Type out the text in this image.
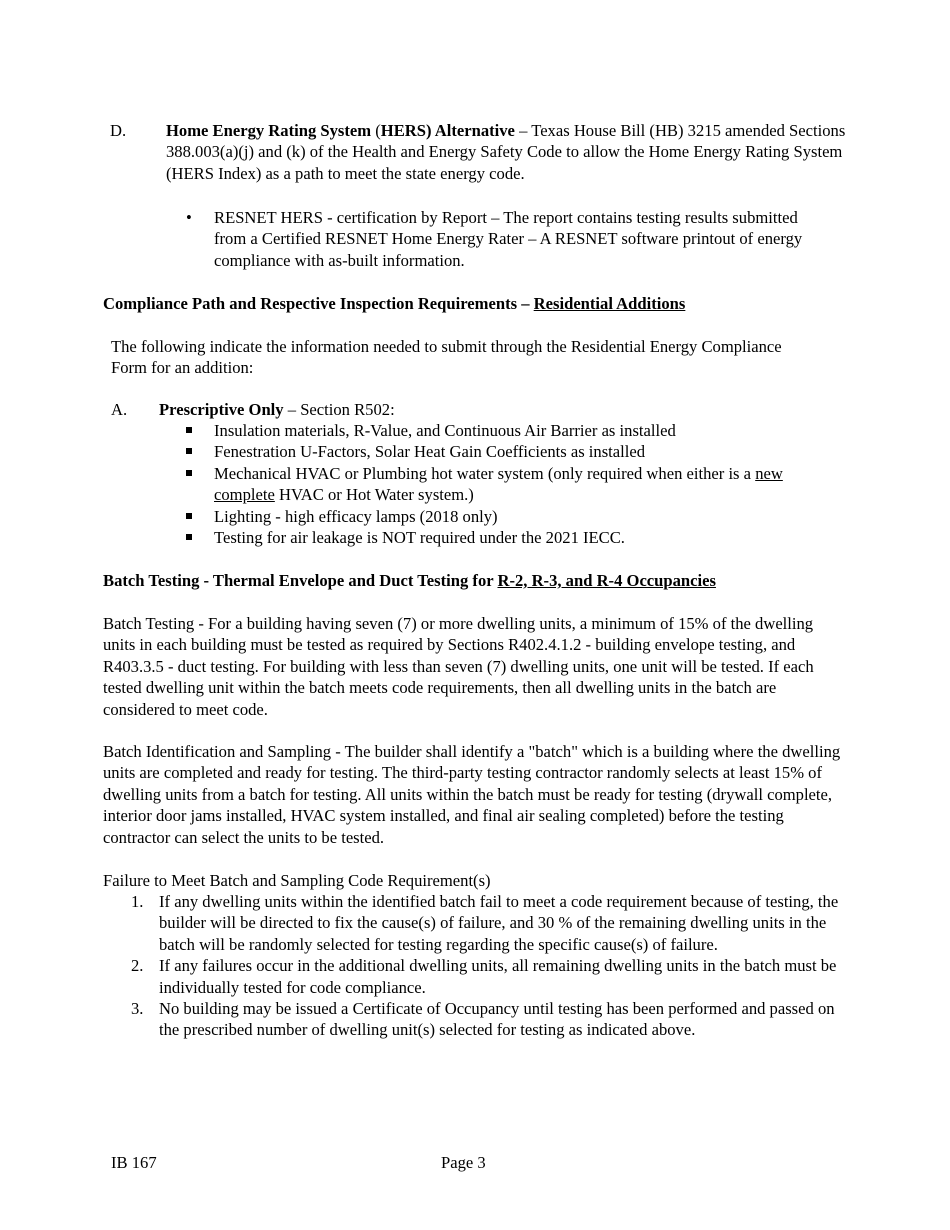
D. Home Energy Rating System (HERS) Alternative – Texas House Bill (HB) 3215 amended Sections 388.003(a)(j) and (k) of the Health and Energy Safety Code to allow the Home Energy Rating System (HERS Index) as a path to meet the state energy code.
• RESNET HERS - certification by Report – The report contains testing results submitted from a Certified RESNET Home Energy Rater – A RESNET software printout of energy compliance with as-built information.
Compliance Path and Respective Inspection Requirements – Residential Additions
The following indicate the information needed to submit through the Residential Energy Compliance Form for an addition:
A. Prescriptive Only – Section R502:
Insulation materials, R-Value, and Continuous Air Barrier as installed
Fenestration U-Factors, Solar Heat Gain Coefficients as installed
Mechanical HVAC or Plumbing hot water system (only required when either is a new complete HVAC or Hot Water system.)
Lighting - high efficacy lamps (2018 only)
Testing for air leakage is NOT required under the 2021 IECC.
Batch Testing - Thermal Envelope and Duct Testing for R-2, R-3, and R-4 Occupancies
Batch Testing - For a building having seven (7) or more dwelling units, a minimum of 15% of the dwelling units in each building must be tested as required by Sections R402.4.1.2 - building envelope testing, and R403.3.5 - duct testing. For building with less than seven (7) dwelling units, one unit will be tested. If each tested dwelling unit within the batch meets code requirements, then all dwelling units in the batch are considered to meet code.
Batch Identification and Sampling - The builder shall identify a "batch" which is a building where the dwelling units are completed and ready for testing. The third-party testing contractor randomly selects at least 15% of dwelling units from a batch for testing. All units within the batch must be ready for testing (drywall complete, interior door jams installed, HVAC system installed, and final air sealing completed) before the testing contractor can select the units to be tested.
Failure to Meet Batch and Sampling Code Requirement(s)
1. If any dwelling units within the identified batch fail to meet a code requirement because of testing, the builder will be directed to fix the cause(s) of failure, and 30 % of the remaining dwelling units in the batch will be randomly selected for testing regarding the specific cause(s) of failure.
2. If any failures occur in the additional dwelling units, all remaining dwelling units in the batch must be individually tested for code compliance.
3. No building may be issued a Certificate of Occupancy until testing has been performed and passed on the prescribed number of dwelling unit(s) selected for testing as indicated above.
IB 167	Page 3
